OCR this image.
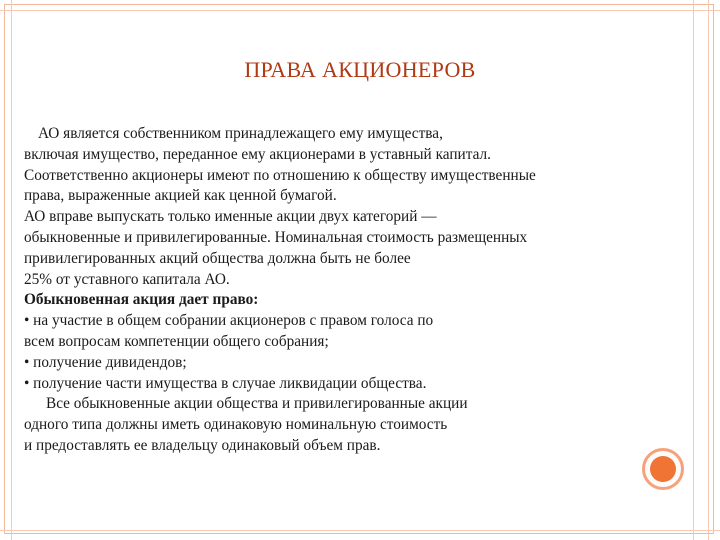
ПРАВА АКЦИОНЕРОВ
АО является собственником принадлежащего ему имущества,
включая имущество, переданное ему акционерами в уставный капитал.
Соответственно акционеры имеют по отношению к обществу имущественные
права, выраженные акцией как ценной бумагой.
АО вправе выпускать только именные акции двух категорий —
обыкновенные и привилегированные. Номинальная стоимость размещенных
привилегированных акций общества должна быть не более
25% от уставного капитала АО.
Обыкновенная акция дает право:
• на участие в общем собрании акционеров с правом голоса по
всем вопросам компетенции общего собрания;
• получение дивидендов;
• получение части имущества в случае ликвидации общества.
Все обыкновенные акции общества и привилегированные акции
одного типа должны иметь одинаковую номинальную стоимость
и предоставлять ее владельцу одинаковый объем прав.
